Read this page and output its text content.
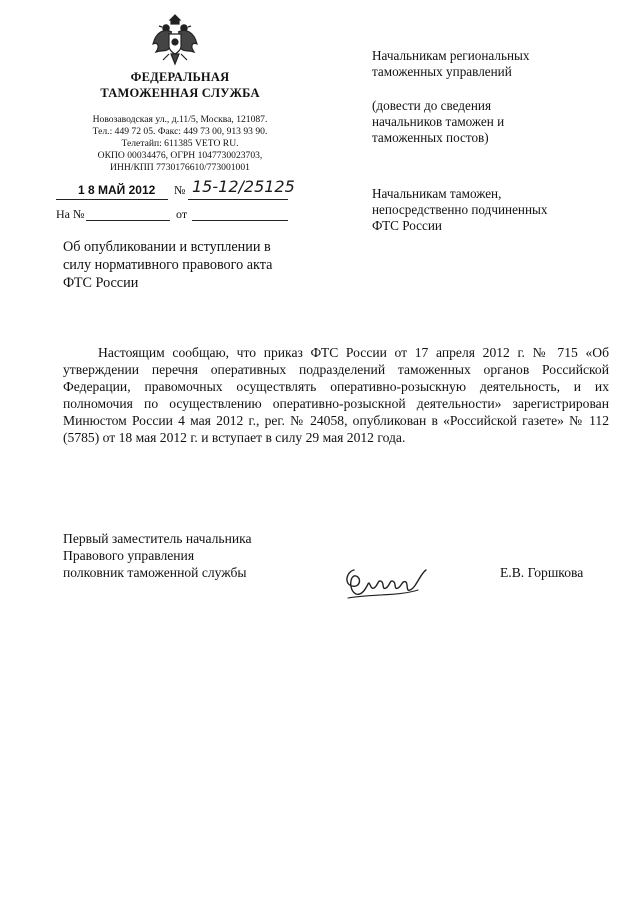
ФЕДЕРАЛЬНАЯ
ТАМОЖЕННАЯ СЛУЖБА
Новозаводская ул., д.11/5, Москва, 121087.
Тел.: 449 72 05. Факс: 449 73 00, 913 93 90.
Телетайп: 611385 VETO RU.
ОКПО 00034476, ОГРН 1047730023703,
ИНН/КПП 7730176610/773001001
1 8 МАЙ 2012 № 15-12/25125
На №	от
Начальникам региональных
таможенных управлений
(довести до сведения
начальников таможен и
таможенных постов)
Начальникам таможен,
непосредственно подчиненных
ФТС России
Об опубликовании и вступлении в
силу нормативного правового акта
ФТС России
Настоящим сообщаю, что приказ ФТС России от 17 апреля 2012 г. № 715 «Об утверждении перечня оперативных подразделений таможенных органов Российской Федерации, правомочных осуществлять оперативно-розыскную деятельность, и их полномочия по осуществлению оперативно-розыскной деятельности» зарегистрирован Минюстом России 4 мая 2012 г., рег. № 24058, опубликован в «Российской газете» № 112 (5785) от 18 мая 2012 г. и вступает в силу 29 мая 2012 года.
Первый заместитель начальника
Правового управления
полковник таможенной службы	Е.В. Горшкова
